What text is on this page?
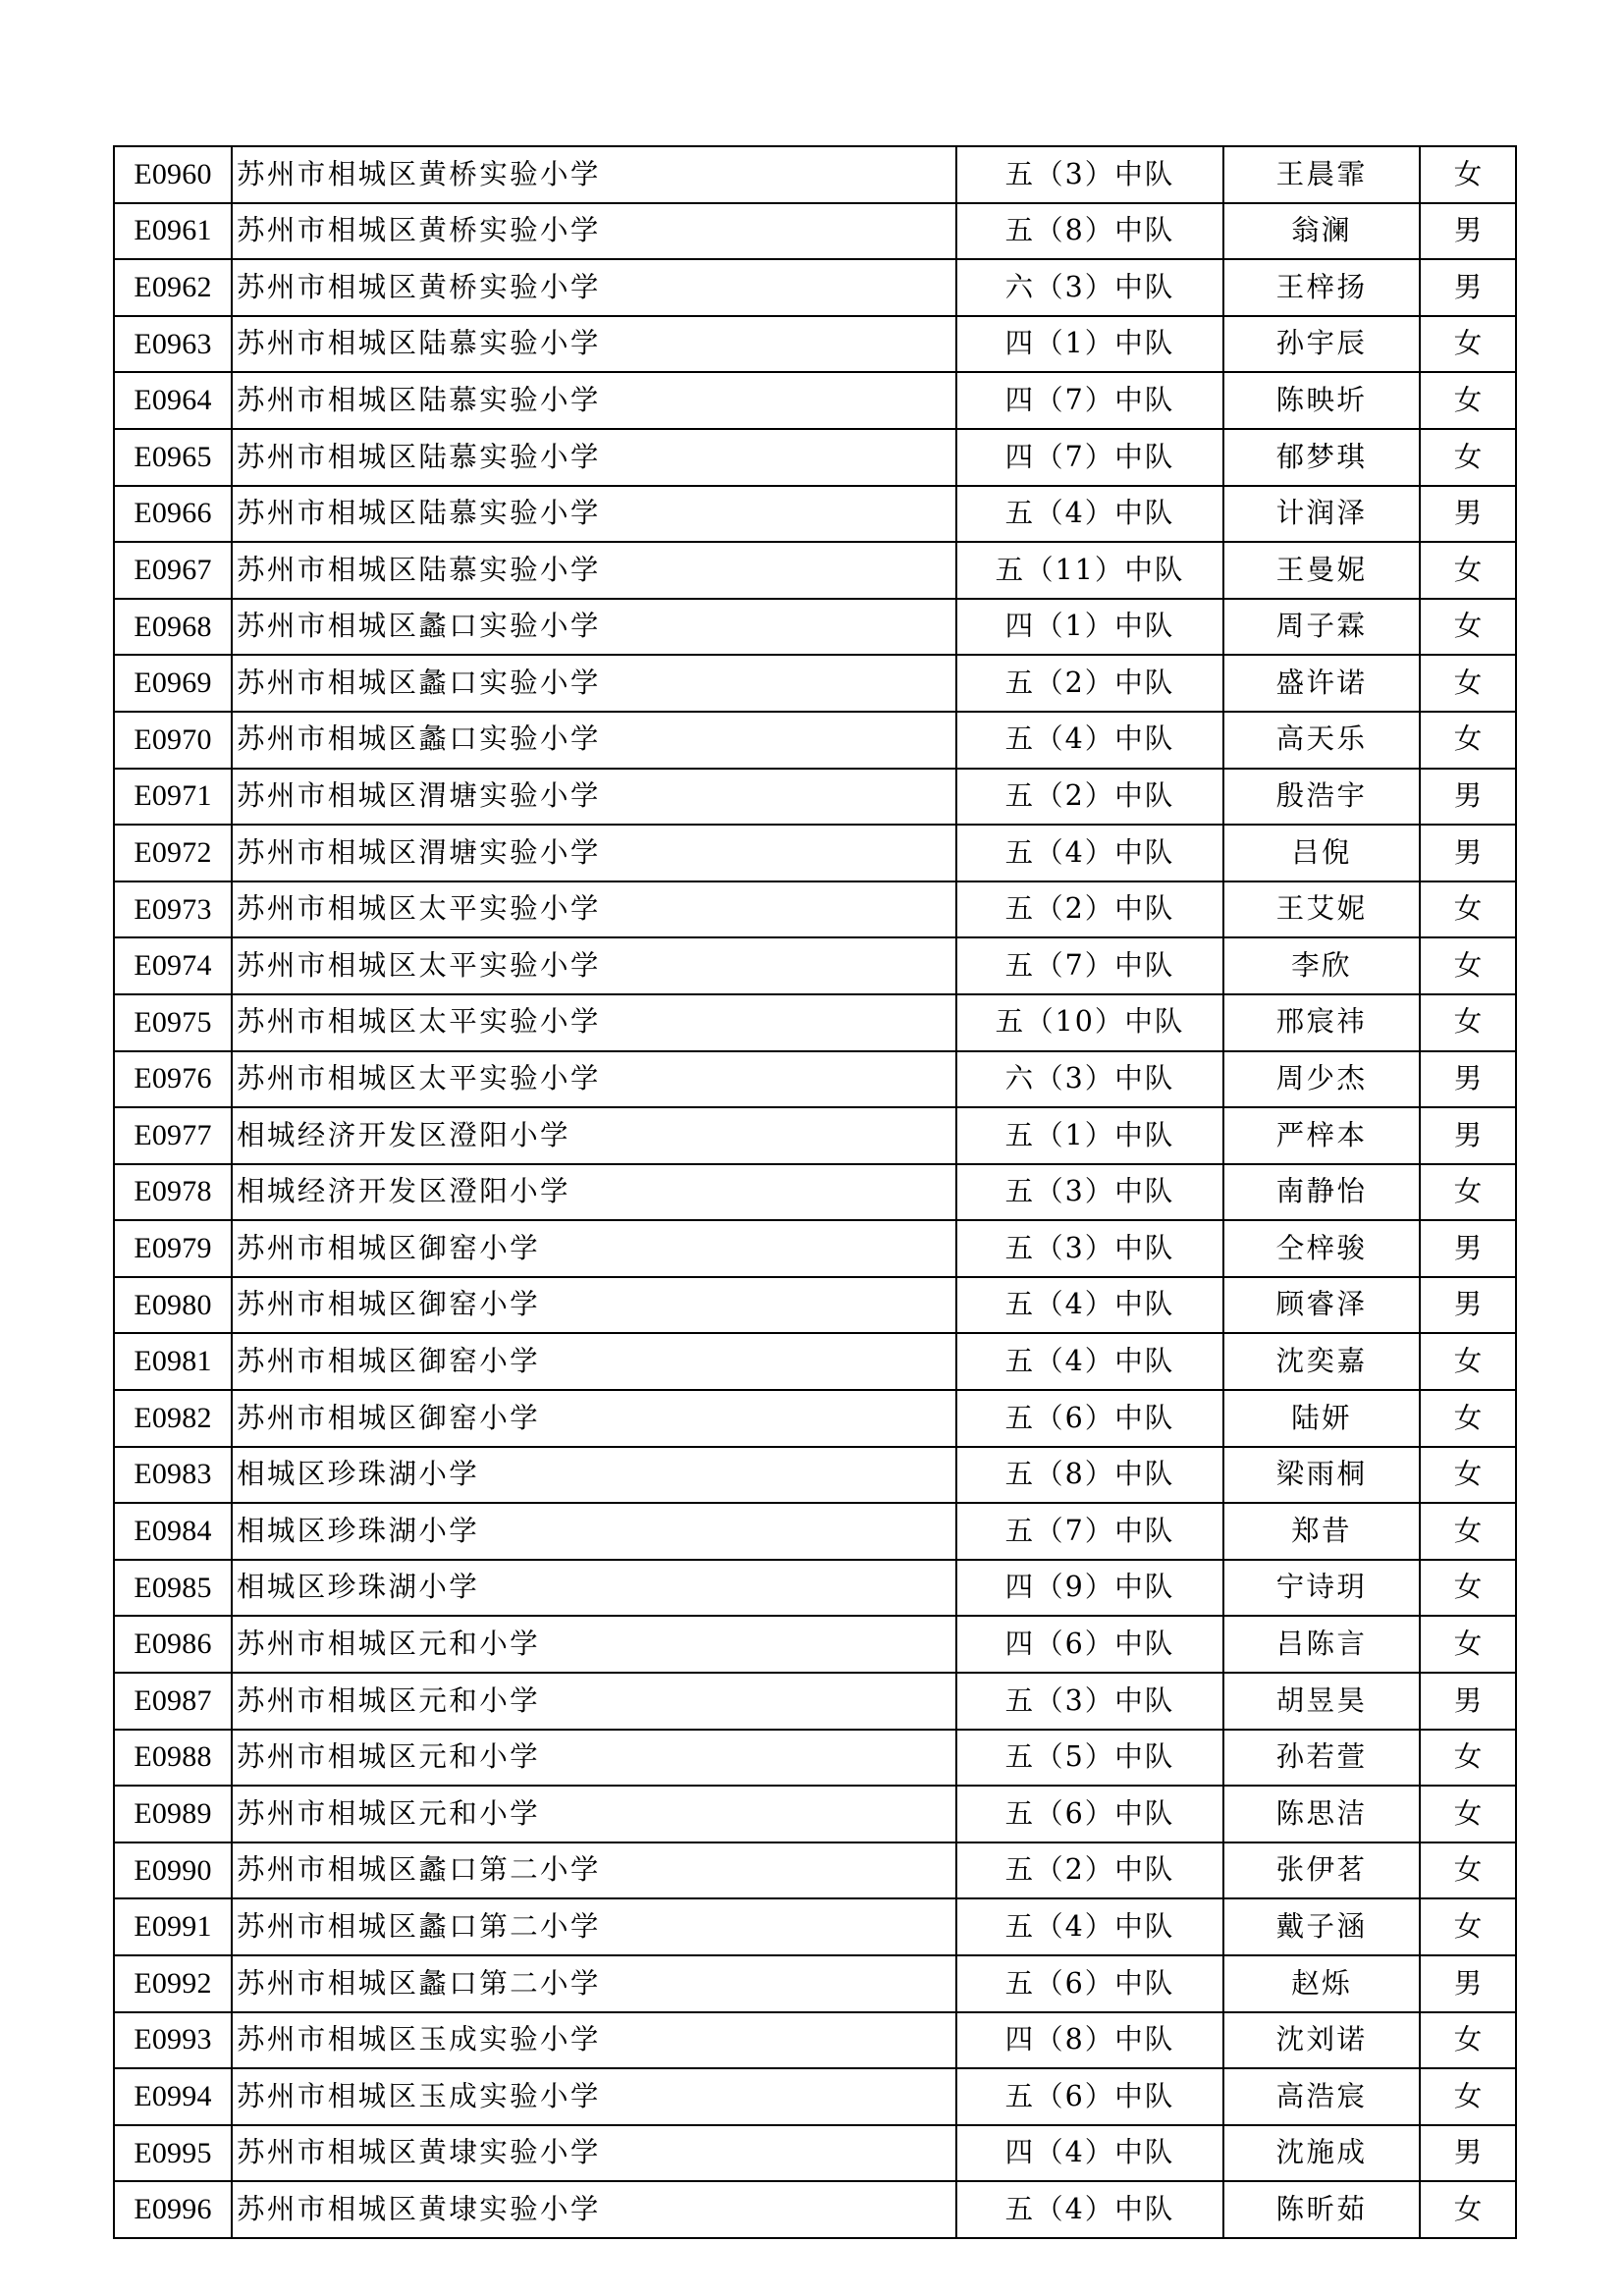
E0960	苏州市相城区黄桥实验小学	五（3）中队	王晨霏	女
E0961	苏州市相城区黄桥实验小学	五（8）中队	翁澜	男
E0962	苏州市相城区黄桥实验小学	六（3）中队	王梓扬	男
E0963	苏州市相城区陆慕实验小学	四（1）中队	孙宇辰	女
E0964	苏州市相城区陆慕实验小学	四（7）中队	陈映圻	女
E0965	苏州市相城区陆慕实验小学	四（7）中队	郁梦琪	女
E0966	苏州市相城区陆慕实验小学	五（4）中队	计润泽	男
E0967	苏州市相城区陆慕实验小学	五（11）中队	王曼妮	女
E0968	苏州市相城区蠡口实验小学	四（1）中队	周子霖	女
E0969	苏州市相城区蠡口实验小学	五（2）中队	盛许诺	女
E0970	苏州市相城区蠡口实验小学	五（4）中队	高天乐	女
E0971	苏州市相城区渭塘实验小学	五（2）中队	殷浩宇	男
E0972	苏州市相城区渭塘实验小学	五（4）中队	吕倪	男
E0973	苏州市相城区太平实验小学	五（2）中队	王艾妮	女
E0974	苏州市相城区太平实验小学	五（7）中队	李欣	女
E0975	苏州市相城区太平实验小学	五（10）中队	邢宸祎	女
E0976	苏州市相城区太平实验小学	六（3）中队	周少杰	男
E0977	相城经济开发区澄阳小学	五（1）中队	严梓本	男
E0978	相城经济开发区澄阳小学	五（3）中队	南静怡	女
E0979	苏州市相城区御窑小学	五（3）中队	仝梓骏	男
E0980	苏州市相城区御窑小学	五（4）中队	顾睿泽	男
E0981	苏州市相城区御窑小学	五（4）中队	沈奕嘉	女
E0982	苏州市相城区御窑小学	五（6）中队	陆妍	女
E0983	相城区珍珠湖小学	五（8）中队	梁雨桐	女
E0984	相城区珍珠湖小学	五（7）中队	郑昔	女
E0985	相城区珍珠湖小学	四（9）中队	宁诗玥	女
E0986	苏州市相城区元和小学	四（6）中队	吕陈言	女
E0987	苏州市相城区元和小学	五（3）中队	胡昱昊	男
E0988	苏州市相城区元和小学	五（5）中队	孙若萱	女
E0989	苏州市相城区元和小学	五（6）中队	陈思洁	女
E0990	苏州市相城区蠡口第二小学	五（2）中队	张伊茗	女
E0991	苏州市相城区蠡口第二小学	五（4）中队	戴子涵	女
E0992	苏州市相城区蠡口第二小学	五（6）中队	赵烁	男
E0993	苏州市相城区玉成实验小学	四（8）中队	沈刘诺	女
E0994	苏州市相城区玉成实验小学	五（6）中队	高浩宸	女
E0995	苏州市相城区黄埭实验小学	四（4）中队	沈施成	男
E0996	苏州市相城区黄埭实验小学	五（4）中队	陈昕茹	女
